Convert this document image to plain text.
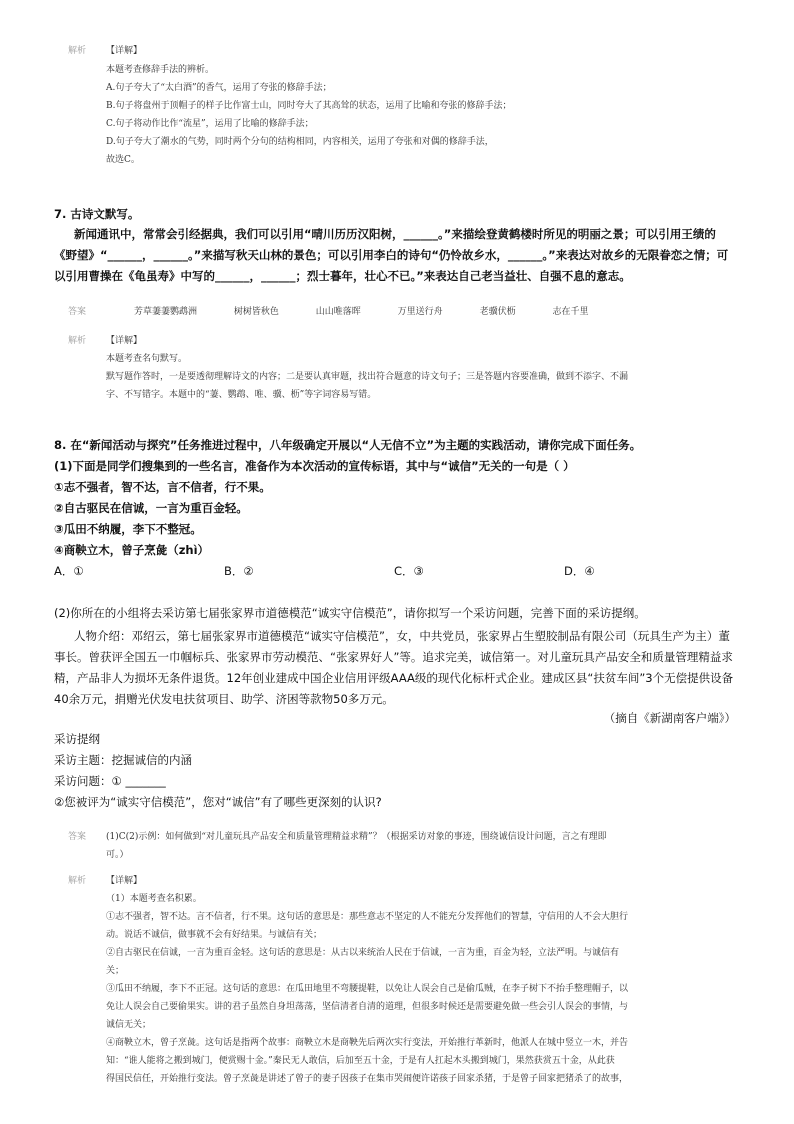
解析 【详解】
本题考查修辞手法的辨析。
A.句子夸大了“太白酒”的香气，运用了夸张的修辞手法；
B.句子将盘州于顶帽子的样子比作富士山，同时夸大了其高耸的状态，运用了比喻和夸张的修辞手法；
C.句子将动作比作“流星”，运用了比喻的修辞手法；
D.句子夸大了潮水的气势，同时两个分句的结构相同，内容相关，运用了夸张和对偶的修辞手法，
故选C。
7. 古诗文默写。
新闻通讯中，常常会引经据典，我们可以引用“晴川历历汉阳树，______。”来描绘登黄鹤楼时所见的明丽之景；可以引用王绩的《野望》“______，______。”来描写秋天山林的景色；可以引用李白的诗句“仍怜故乡水，______。”来表达对故乡的无限眷恋之情；可以引用曹操在《龟虽寿》中写的______，______；烈士暮年，壮心不已。”来表达自己老当益壮、自强不息的意志。
答案	芳草萋萋鹦鹉洲	树树皆秋色	山山唯落晖	万里送行舟	老骥伏枥	志在千里
解析 【详解】
本题考查名句默写。
默写题作答时，一是要透彻理解诗文的内容；二是要认真审题，找出符合题意的诗文句子；三是答题内容要准确，做到不添字、不漏
字、不写错字。本题中的“萋、鹦鹉、唯、骥、枥”等字词容易写错。
8. 在“新闻活动与探究”任务推进过程中，八年级确定开展以“人无信不立”为主题的实践活动，请你完成下面任务。
(1)下面是同学们搜集到的一些名言，准备作为本次活动的宣传标语，其中与“诚信”无关的一句是（ ）
①志不强者，智不达，言不信者，行不果。
②自古驱民在信诚，一言为重百金轻。
③瓜田不纳履，李下不整冠。
④商鞅立木，曾子烹彘（zhì）
A．①	B．②	C．③	D．④
(2)你所在的小组将去采访第七届张家界市道德模范“诚实守信模范”，请你拟写一个采访问题，完善下面的采访提纲。
人物介绍：邓绍云，第七届张家界市道德模范“诚实守信模范”，女，中共党员，张家界占生塑胶制品有限公司（玩具生产为主）董事长。曾获评全国五一巾帼标兵、张家界市劳动模范、“张家界好人”等。追求完美，诚信第一。对儿童玩具产品安全和质量管理精益求精，产品非人为损坏无条件退货。12年创业建成中国企业信用评级AAA级的现代化标杆式企业。建成区县“扶贫车间”3个无偿提供设备40余万元，捐赠光伏发电扶贫项目、助学、济困等款物50多万元。
（摘自《新湖南客户端》）
采访提纲
采访主题：挖掘诚信的内涵
采访问题：① _______
②您被评为“诚实守信模范”，您对“诚信”有了哪些更深刻的认识?
答案 (1)C(2)示例：如何做到“对儿童玩具产品安全和质量管理精益求精”？（根据采访对象的事迹，围绕诚信设计问题，言之有理即
可。）
解析 【详解】
（1）本题考查名积累。
①志不强者，智不达。言不信者，行不果。这句话的意思是：那些意志不坚定的人不能充分发挥他们的智慧，守信用的人不会大胆行
动。说话不诚信，做事就不会有好结果。与诚信有关；
②自古驱民在信诚，一言为重百金轻。这句话的意思是：从古以来统治人民在于信诚，一言为重，百金为轻，立法严明。与诚信有
关；
③瓜田不纳履，李下不正冠。这句话的意思：在瓜田地里不弯腰提鞋，以免让人误会自己是偷瓜贼，在李子树下不抬手整理帽子，以
免让人误会自己要偷果实。讲的君子虽然自身坦荡荡，坚信清者自清的道理，但很多时候还是需要避免做一些会引人误会的事情，与
诚信无关；
④商鞅立木，曾子烹彘。这句话是指两个故事：商鞅立木是商鞅先后两次实行变法，开始推行革新时，他派人在城中竖立一木，并告
知：“谁人能将之搬到城门，便赏赐十金。”秦民无人敢信，后加至五十金，于是有人扛起木头搬到城门，果然获赏五十金，从此获
得国民信任，开始推行变法。曾子烹彘是讲述了曾子的妻子因孩子在集市哭闹便许诺孩子回家杀猪，于是曾子回家把猪杀了的故事，
